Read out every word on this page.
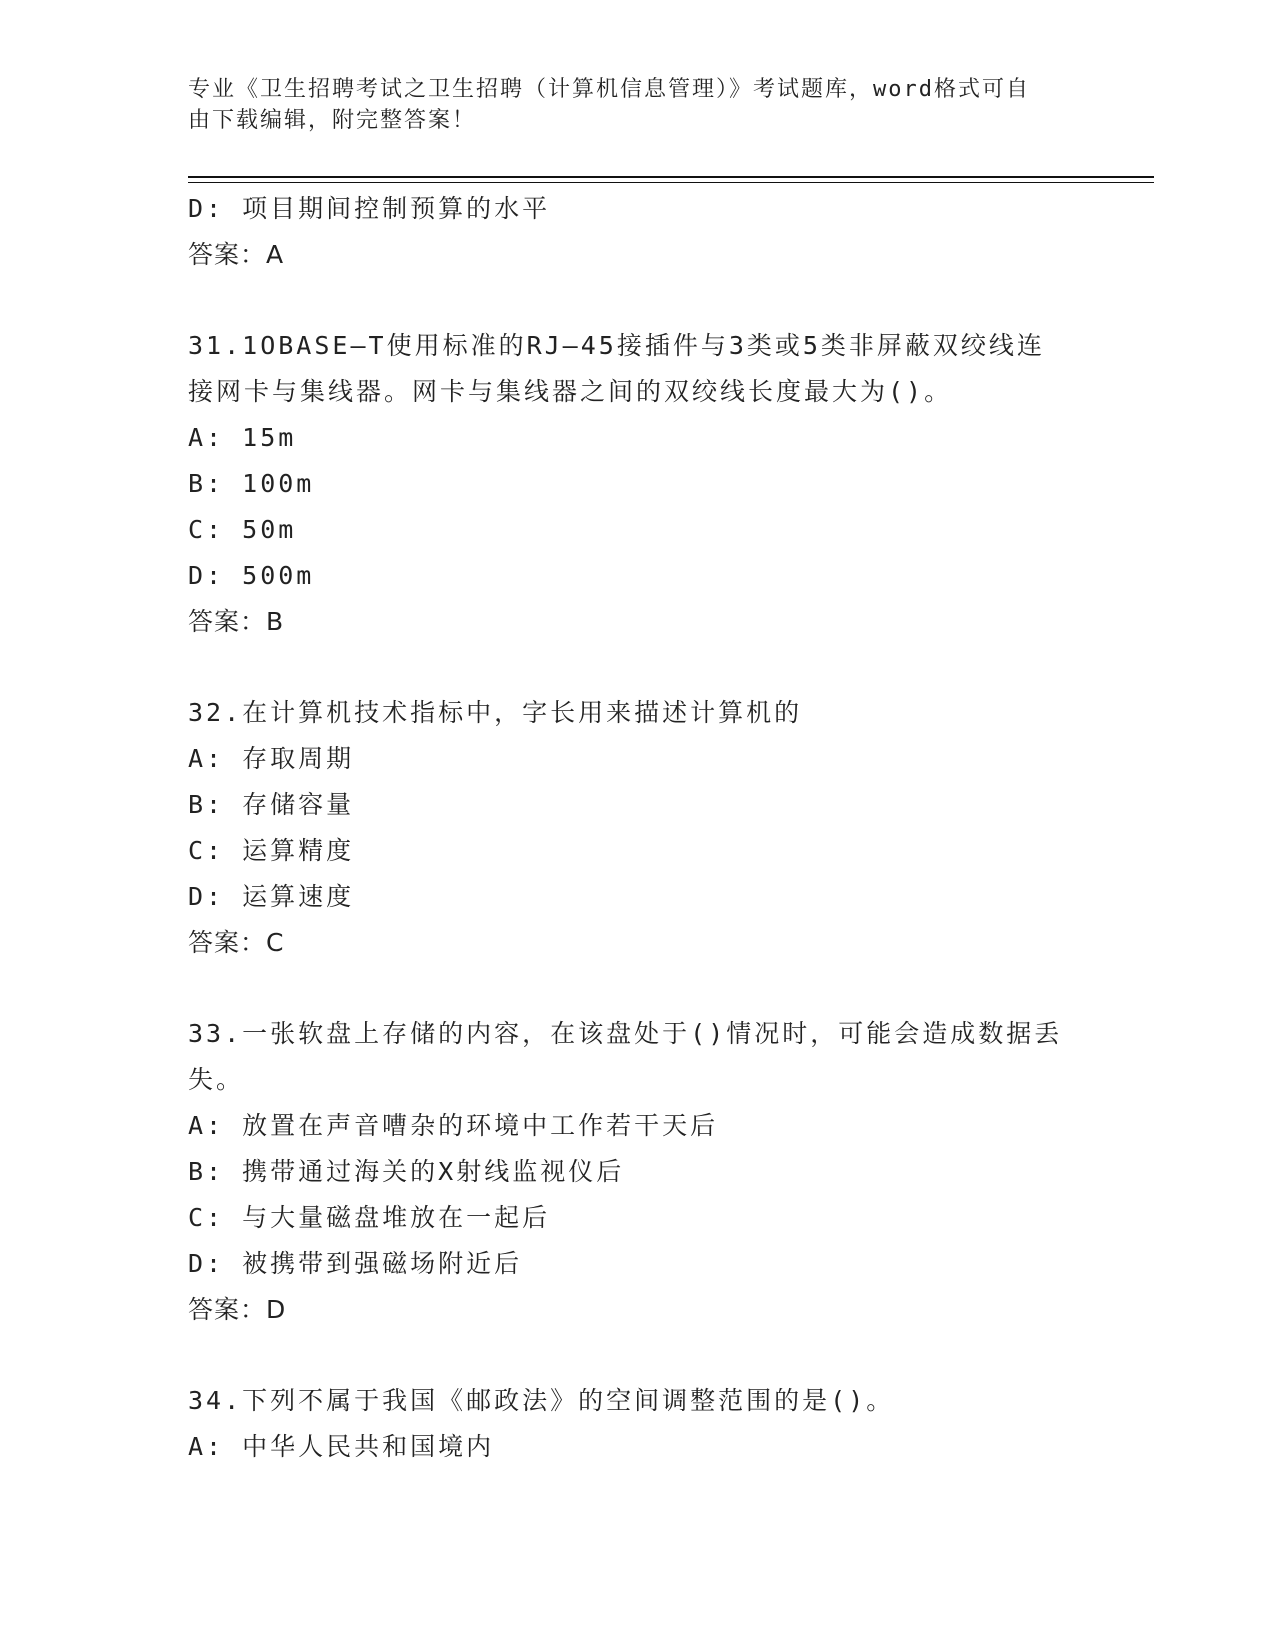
专业《卫生招聘考试之卫生招聘（计算机信息管理）》考试题库，word格式可自
由下载编辑，附完整答案！
D: 项目期间控制预算的水平
答案：A
31.1OBASE—T使用标准的RJ—45接插件与3类或5类非屏蔽双绞线连
接网卡与集线器。网卡与集线器之间的双绞线长度最大为()。
A: 15m
B: 100m
C: 50m
D: 500m
答案：B
32.在计算机技术指标中，字长用来描述计算机的
A: 存取周期
B: 存储容量
C: 运算精度
D: 运算速度
答案：C
33.一张软盘上存储的内容，在该盘处于()情况时，可能会造成数据丢
失。
A: 放置在声音嘈杂的环境中工作若干天后
B: 携带通过海关的X射线监视仪后
C: 与大量磁盘堆放在一起后
D: 被携带到强磁场附近后
答案：D
34.下列不属于我国《邮政法》的空间调整范围的是()。
A: 中华人民共和国境内
